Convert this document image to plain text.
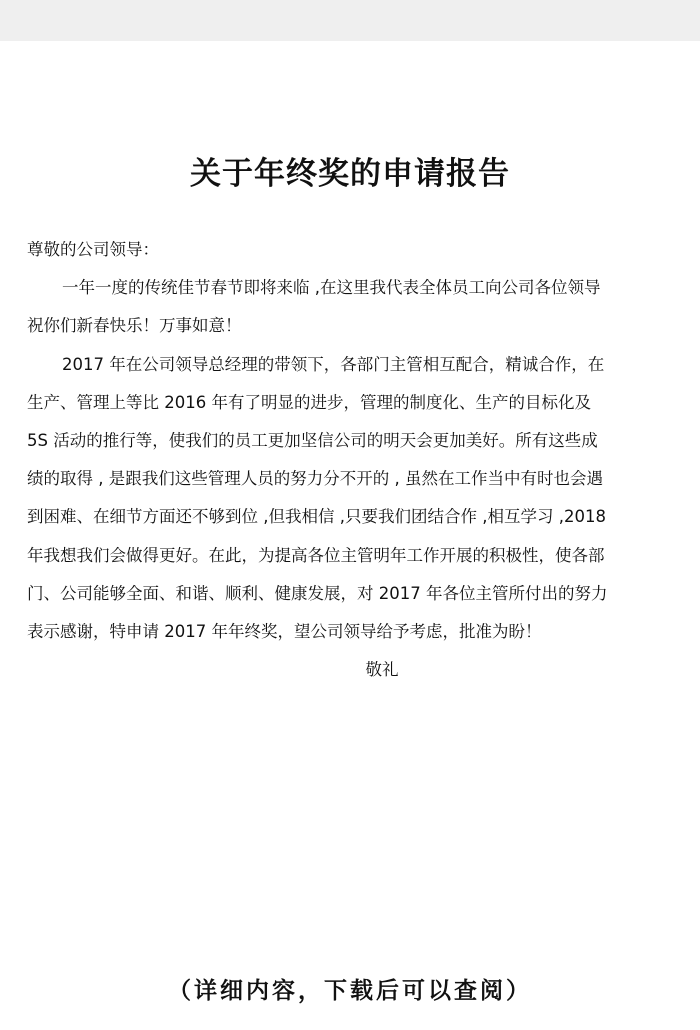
关于年终奖的申请报告
尊敬的公司领导：
一年一度的传统佳节春节即将来临 ,在这里我代表全体员工向公司各位领导
祝你们新春快乐！万事如意！
2017 年在公司领导总经理的带领下，各部门主管相互配合，精诚合作，在
生产、管理上等比 2016 年有了明显的进步，管理的制度化、生产的目标化及
5S 活动的推行等，使我们的员工更加坚信公司的明天会更加美好。所有这些成
绩的取得 , 是跟我们这些管理人员的努力分不开的 , 虽然在工作当中有时也会遇
到困难、在细节方面还不够到位 ,但我相信 ,只要我们团结合作 ,相互学习 ,2018
年我想我们会做得更好。在此，为提高各位主管明年工作开展的积极性，使各部
门、公司能够全面、和谐、顺利、健康发展，对 2017 年各位主管所付出的努力
表示感谢，特申请 2017 年年终奖，望公司领导给予考虑，批准为盼！
敬礼
（详细内容，下载后可以查阅）
